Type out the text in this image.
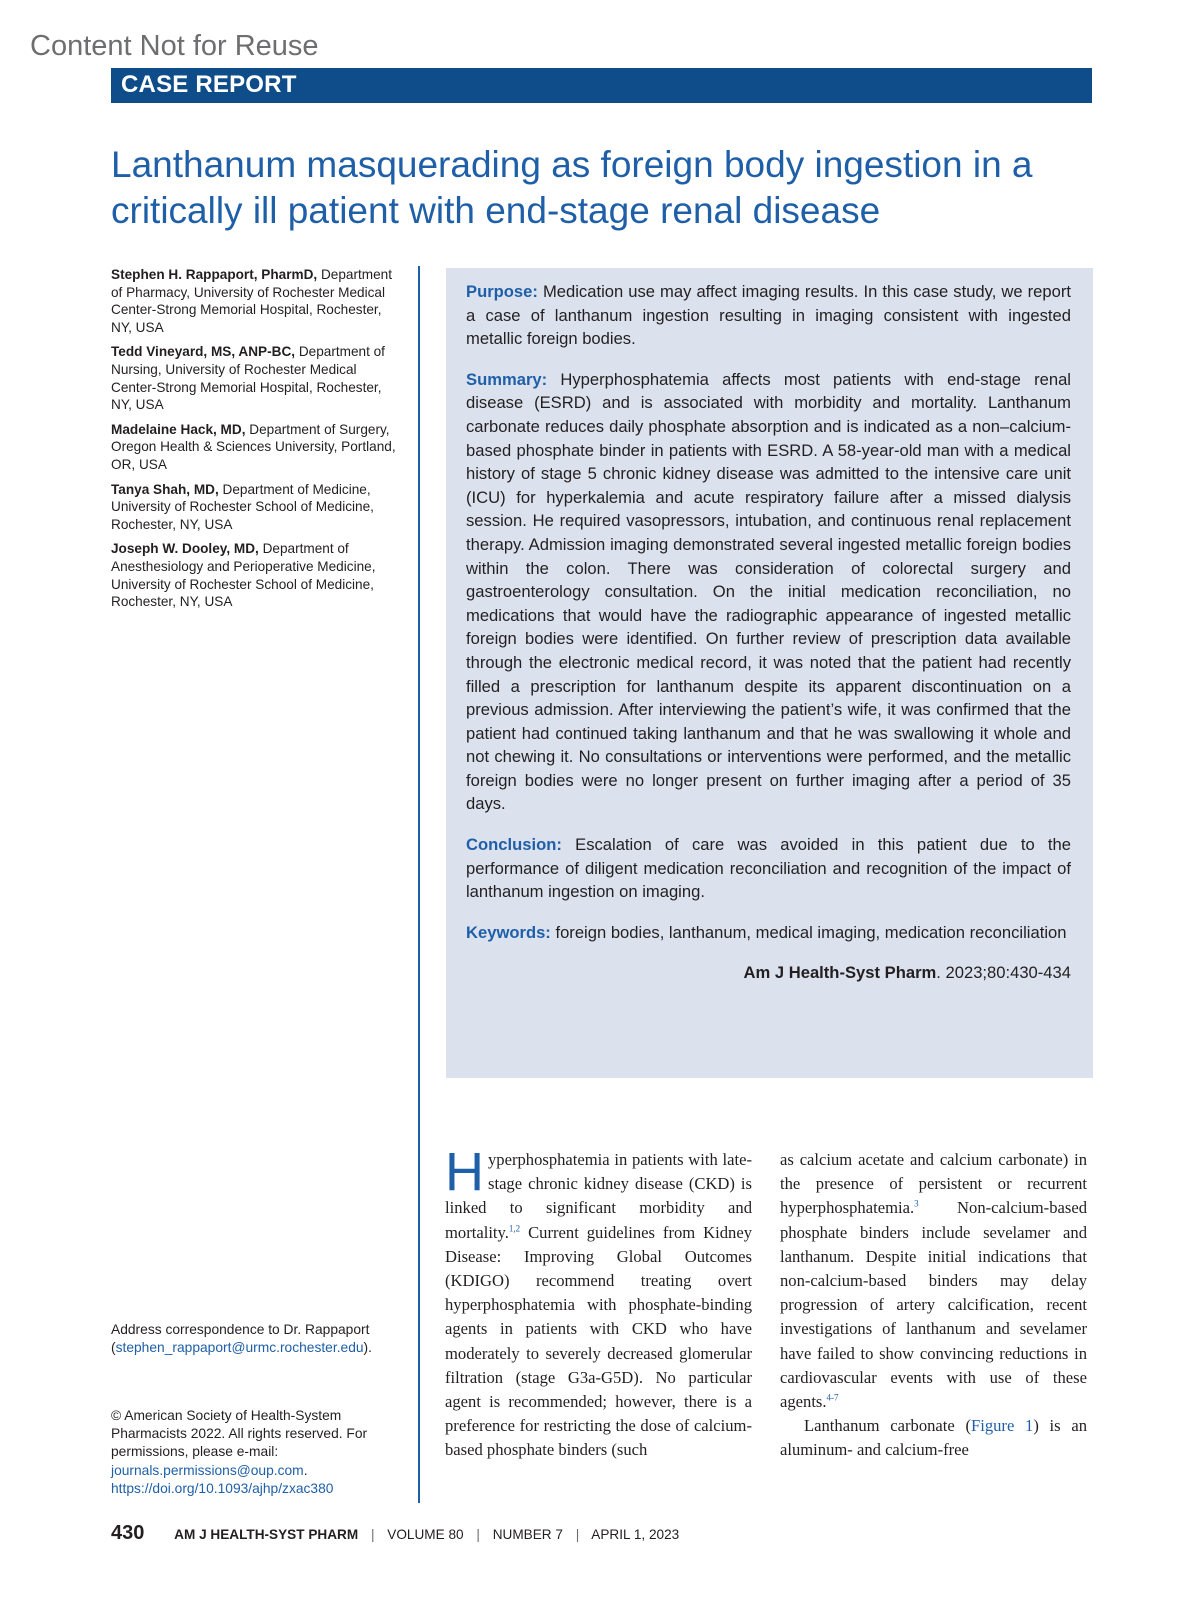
Content Not for Reuse
CASE REPORT
Lanthanum masquerading as foreign body ingestion in a critically ill patient with end-stage renal disease
Stephen H. Rappaport, PharmD, Department of Pharmacy, University of Rochester Medical Center-Strong Memorial Hospital, Rochester, NY, USA
Tedd Vineyard, MS, ANP-BC, Department of Nursing, University of Rochester Medical Center-Strong Memorial Hospital, Rochester, NY, USA
Madelaine Hack, MD, Department of Surgery, Oregon Health & Sciences University, Portland, OR, USA
Tanya Shah, MD, Department of Medicine, University of Rochester School of Medicine, Rochester, NY, USA
Joseph W. Dooley, MD, Department of Anesthesiology and Perioperative Medicine, University of Rochester School of Medicine, Rochester, NY, USA

Purpose: Medication use may affect imaging results. In this case study, we report a case of lanthanum ingestion resulting in imaging consistent with ingested metallic foreign bodies.

Summary: Hyperphosphatemia affects most patients with end-stage renal disease (ESRD) and is associated with morbidity and mortality. Lanthanum carbonate reduces daily phosphate absorption and is indicated as a non–calcium-based phosphate binder in patients with ESRD. A 58-year-old man with a medical history of stage 5 chronic kidney disease was admitted to the intensive care unit (ICU) for hyperkalemia and acute respiratory failure after a missed dialysis session. He required vasopressors, intubation, and continuous renal replacement therapy. Admission imaging demonstrated several ingested metallic foreign bodies within the colon. There was consideration of colorectal surgery and gastroenterology consultation. On the initial medication reconciliation, no medications that would have the radiographic appearance of ingested metallic foreign bodies were identified. On further review of prescription data available through the electronic medical record, it was noted that the patient had recently filled a prescription for lanthanum despite its apparent discontinuation on a previous admission. After interviewing the patient’s wife, it was confirmed that the patient had continued taking lanthanum and that he was swallowing it whole and not chewing it. No consultations or interventions were performed, and the metallic foreign bodies were no longer present on further imaging after a period of 35 days.

Conclusion: Escalation of care was avoided in this patient due to the performance of diligent medication reconciliation and recognition of the impact of lanthanum ingestion on imaging.

Keywords: foreign bodies, lanthanum, medical imaging, medication reconciliation

Am J Health-Syst Pharm. 2023;80:430-434
Address correspondence to Dr. Rappaport (stephen_rappaport@urmc.rochester.edu).
© American Society of Health-System Pharmacists 2022. All rights reserved. For permissions, please e-mail: journals.permissions@oup.com.
https://doi.org/10.1093/ajhp/zxac380

Hyperphosphatemia in patients with late-stage chronic kidney disease (CKD) is linked to significant morbidity and mortality.$^{1,2}$ Current guidelines from Kidney Disease: Improving Global Outcomes (KDIGO) recommend treating overt hyperphosphatemia with phosphate-binding agents in patients with CKD who have moderately to severely decreased glomerular filtration (stage G3a-G5D). No particular agent is recommended; however, there is a preference for restricting the dose of calcium-based phosphate binders (such

as calcium acetate and calcium carbonate) in the presence of persistent or recurrent hyperphosphatemia.$^3$ Non-calcium-based phosphate binders include sevelamer and lanthanum. Despite initial indications that non-calcium-based binders may delay progression of artery calcification, recent investigations of lanthanum and sevelamer have failed to show convincing reductions in cardiovascular events with use of these agents.$^{4-7}$

Lanthanum carbonate (Figure 1) is an aluminum- and calcium-free

430 AM J HEALTH-SYST PHARM | VOLUME 80 | NUMBER 7 | APRIL 1, 2023
